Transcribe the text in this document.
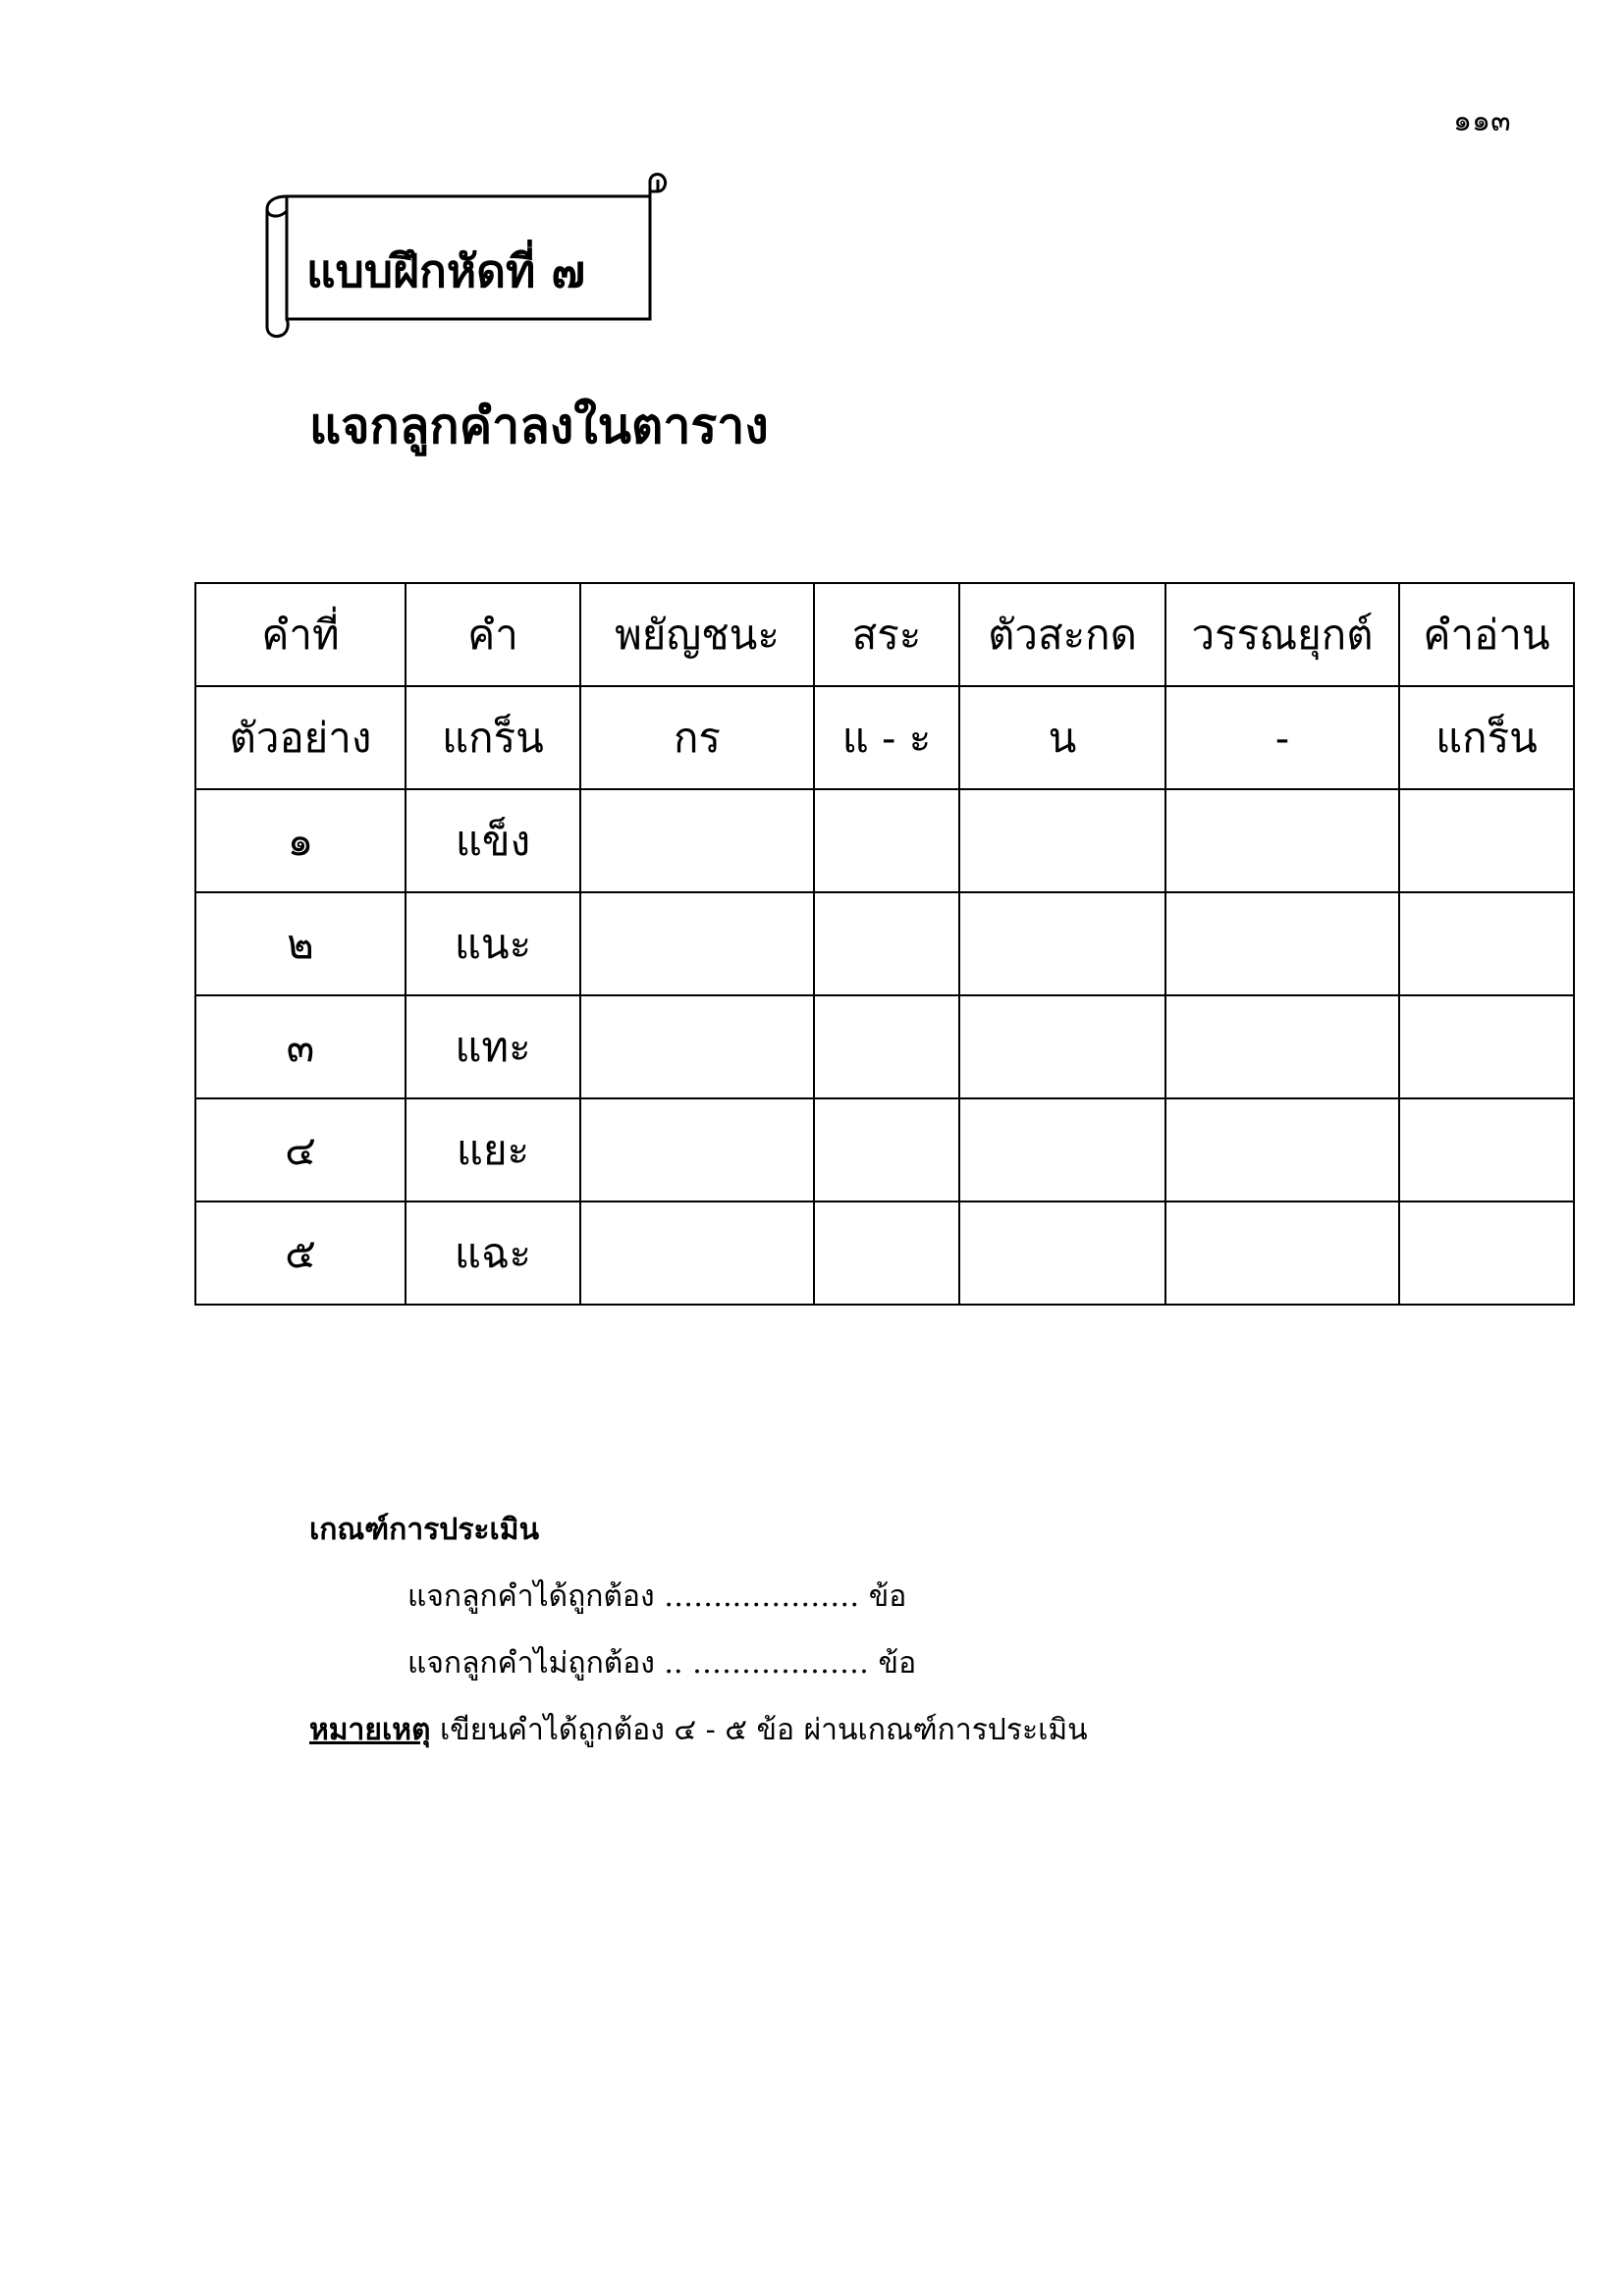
๑๑๓
แบบฝึกหัดที่ ๗
แจกลูกคำลงในตาราง
คำที่	คำ	พยัญชนะ	สระ	ตัวสะกด	วรรณยุกต์	คำอ่าน
ตัวอย่าง	แกร็น	กร	แ - ะ	น	-	แกร็น
๑	แข็ง					
๒	แนะ					
๓	แทะ					
๔	แยะ					
๕	แฉะ					
เกณฑ์การประเมิน
แจกลูกคำได้ถูกต้อง ……..………… ข้อ
แจกลูกคำไม่ถูกต้อง .. ……………… ข้อ
หมายเหตุ เขียนคำได้ถูกต้อง ๔ - ๕ ข้อ ผ่านเกณฑ์การประเมิน
